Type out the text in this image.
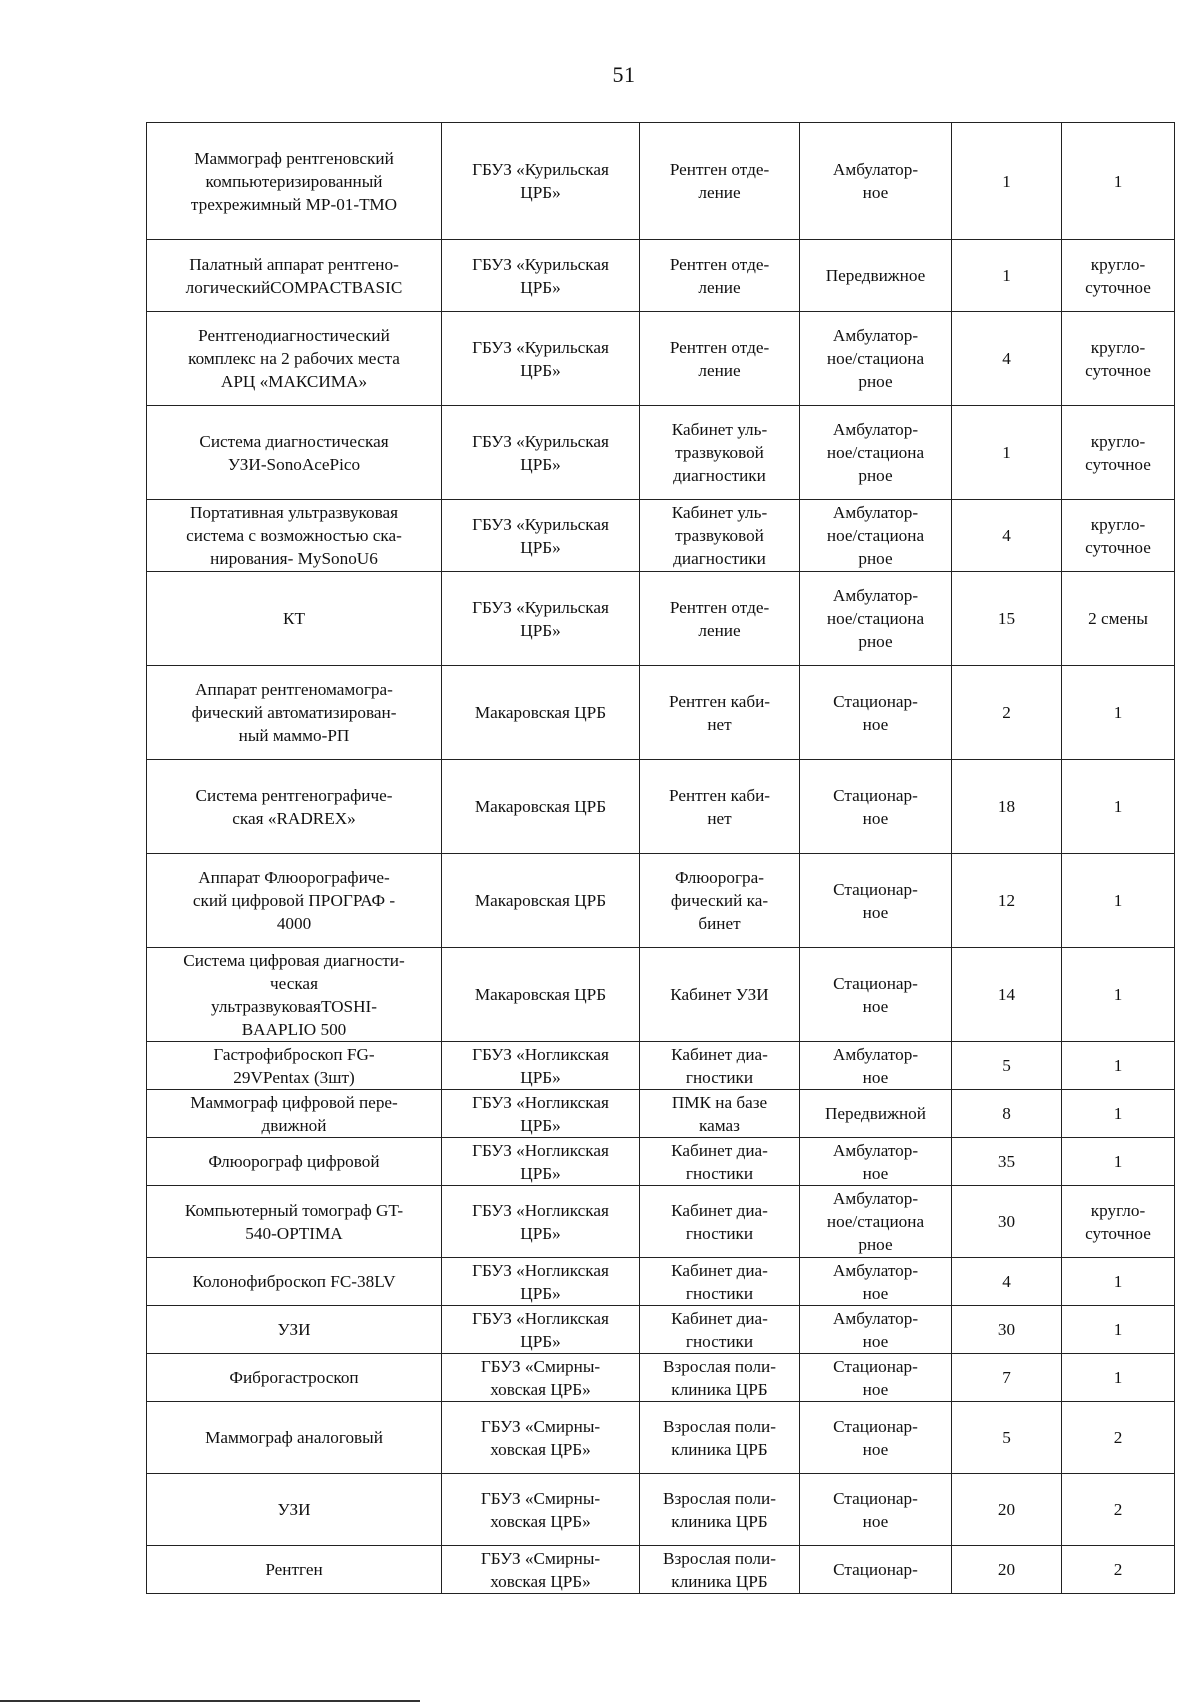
51
Маммограф рентгеновский
компьютеризированный
трехрежимный МР-01-ТМО	ГБУЗ «Курильская
ЦРБ»	Рентген отде-
ление	Амбулатор-
ное	1	1
Палатный аппарат рентгено-
логическийCOMPACTBASIC	ГБУЗ «Курильская
ЦРБ»	Рентген отде-
ление	Передвижное	1	кругло-
суточное
Рентгенодиагностический
комплекс на 2 рабочих места
АРЦ «МАКСИМА»	ГБУЗ «Курильская
ЦРБ»	Рентген отде-
ление	Амбулатор-
ное/стациона
рное	4	кругло-
суточное
Система диагностическая
УЗИ-SonoAcePico	ГБУЗ «Курильская
ЦРБ»	Кабинет уль-
тразвуковой
диагностики	Амбулатор-
ное/стациона
рное	1	кругло-
суточное
Портативная ультразвуковая
система с возможностью ска-
нирования- MySonoU6	ГБУЗ «Курильская
ЦРБ»	Кабинет уль-
тразвуковой
диагностики	Амбулатор-
ное/стациона
рное	4	кругло-
суточное
КТ	ГБУЗ «Курильская
ЦРБ»	Рентген отде-
ление	Амбулатор-
ное/стациона
рное	15	2 смены
Аппарат рентгеномамогра-
фический автоматизирован-
ный маммо-РП	Макаровская ЦРБ	Рентген каби-
нет	Стационар-
ное	2	1
Система рентгенографиче-
ская «RADREX»	Макаровская ЦРБ	Рентген каби-
нет	Стационар-
ное	18	1
Аппарат Флюорографиче-
ский цифровой ПРОГРАФ -
4000	Макаровская ЦРБ	Флюорогра-
фический ка-
бинет	Стационар-
ное	12	1
Система цифровая диагности-
ческая
ультразвуковаяTOSHI-
BAAPLIO 500	Макаровская ЦРБ	Кабинет УЗИ	Стационар-
ное	14	1
Гастрофиброскоп FG-
29VPentax (3шт)	ГБУЗ «Ногликская
ЦРБ»	Кабинет диа-
гностики	Амбулатор-
ное	5	1
Маммограф цифровой пере-
движной	ГБУЗ «Ногликская
ЦРБ»	ПМК на базе
камаз	Передвижной	8	1
Флюорограф цифровой	ГБУЗ «Ногликская
ЦРБ»	Кабинет диа-
гностики	Амбулатор-
ное	35	1
Компьютерный томограф GT-
540-OPTIMA	ГБУЗ «Ногликская
ЦРБ»	Кабинет диа-
гностики	Амбулатор-
ное/стациона
рное	30	кругло-
суточное
Колонофиброскоп FC-38LV	ГБУЗ «Ногликская
ЦРБ»	Кабинет диа-
гностики	Амбулатор-
ное	4	1
УЗИ	ГБУЗ «Ногликская
ЦРБ»	Кабинет диа-
гностики	Амбулатор-
ное	30	1
Фиброгастроскоп	ГБУЗ «Смирны-
ховская ЦРБ»	Взрослая поли-
клиника ЦРБ	Стационар-
ное	7	1
Маммограф аналоговый	ГБУЗ «Смирны-
ховская ЦРБ»	Взрослая поли-
клиника ЦРБ	Стационар-
ное	5	2
УЗИ	ГБУЗ «Смирны-
ховская ЦРБ»	Взрослая поли-
клиника ЦРБ	Стационар-
ное	20	2
Рентген	ГБУЗ «Смирны-
ховская ЦРБ»	Взрослая поли-
клиника ЦРБ	Стационар-	20	2
